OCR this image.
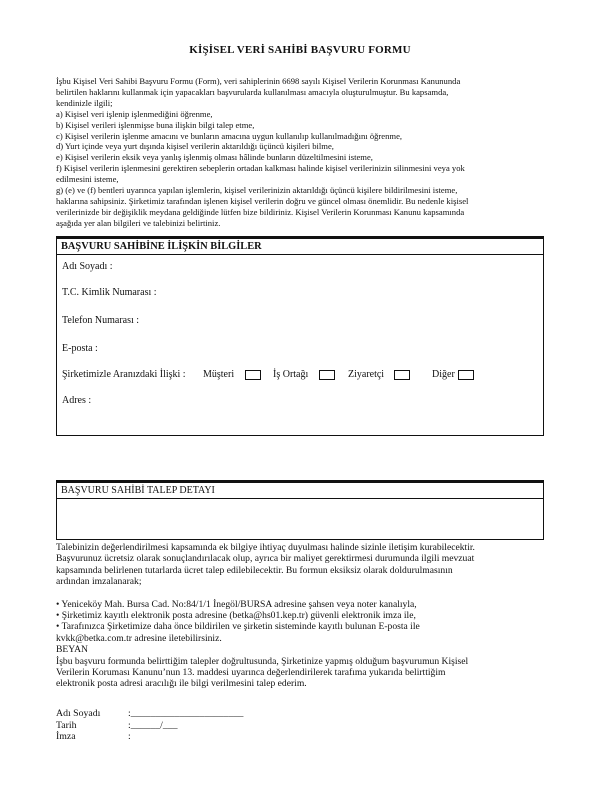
KİŞİSEL VERİ SAHİBİ BAŞVURU FORMU
İşbu Kişisel Veri Sahibi Başvuru Formu (Form), veri sahiplerinin 6698 sayılı Kişisel Verilerin Korunması Kanununda
belirtilen haklarını kullanmak için yapacakları başvurularda kullanılması amacıyla oluşturulmuştur. Bu kapsamda,
kendinizle ilgili;
a) Kişisel veri işlenip işlenmediğini öğrenme,
b) Kişisel verileri işlenmişse buna ilişkin bilgi talep etme,
c) Kişisel verilerin işlenme amacını ve bunların amacına uygun kullanılıp kullanılmadığını öğrenme,
d) Yurt içinde veya yurt dışında kişisel verilerin aktarıldığı üçüncü kişileri bilme,
e) Kişisel verilerin eksik veya yanlış işlenmiş olması hâlinde bunların düzeltilmesini isteme,
f) Kişisel verilerin işlenmesini gerektiren sebeplerin ortadan kalkması halinde kişisel verilerinizin silinmesini veya yok
edilmesini isteme,
g) (e) ve (f) bentleri uyarınca yapılan işlemlerin, kişisel verilerinizin aktarıldığı üçüncü kişilere bildirilmesini isteme,
haklarına sahipsiniz. Şirketimiz tarafından işlenen kişisel verilerin doğru ve güncel olması önemlidir. Bu nedenle kişisel
verilerinizde bir değişiklik meydana geldiğinde lütfen bize bildiriniz. Kişisel Verilerin Korunması Kanunu kapsamında
aşağıda yer alan bilgileri ve talebinizi belirtiniz.
BAŞVURU SAHİBİNE İLİŞKİN BİLGİLER
Adı Soyadı :
T.C. Kimlik Numarası :
Telefon Numarası :
E-posta :
Şirketimizle Aranızdaki İlişki : Müşteri	İş Ortağı	Ziyaretçi	Diğer
Adres :
BAŞVURU SAHİBİ TALEP DETAYI
Talebinizin değerlendirilmesi kapsamında ek bilgiye ihtiyaç duyulması halinde sizinle iletişim kurabilecektir.
Başvurunuz ücretsiz olarak sonuçlandırılacak olup, ayrıca bir maliyet gerektirmesi durumunda ilgili mevzuat
kapsamında belirlenen tutarlarda ücret talep edilebilecektir. Bu formun eksiksiz olarak doldurulmasının
ardından imzalanarak;
• Yeniceköy Mah. Bursa Cad. No:84/1/1 İnegöl/BURSA adresine şahsen veya noter kanalıyla,
• Şirketimiz kayıtlı elektronik posta adresine (betka@hs01.kep.tr) güvenli elektronik imza ile,
• Tarafınızca Şirketimize daha önce bildirilen ve şirketin sisteminde kayıtlı bulunan E-posta ile
kvkk@betka.com.tr adresine iletebilirsiniz.
BEYAN
İşbu başvuru formunda belirttiğim talepler doğrultusunda, Şirketinize yapmış olduğum başvurumun Kişisel
Verilerin Koruması Kanunu’nun 13. maddesi uyarınca değerlendirilerek tarafıma yukarıda belirttiğim
elektronik posta adresi aracılığı ile bilgi verilmesini talep ederim.
Adı Soyadı	:_______________________
Tarih	:______/___
İmza	:
